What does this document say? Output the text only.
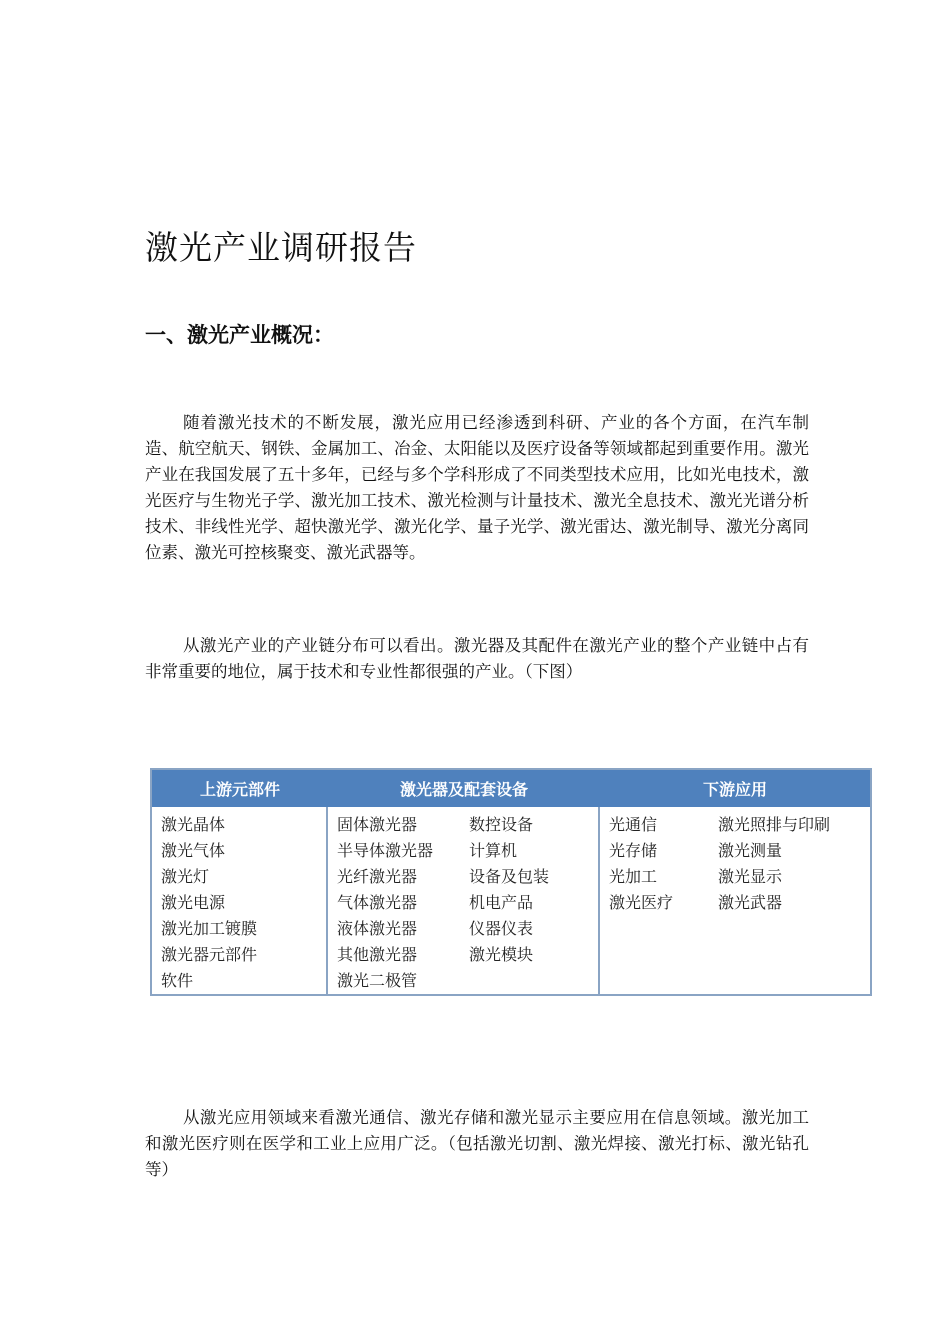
激光产业调研报告
一、激光产业概况：

随着激光技术的不断发展，激光应用已经渗透到科研、产业的各个方面，在汽车制造、航空航天、钢铁、金属加工、冶金、太阳能以及医疗设备等领域都起到重要作用。激光产业在我国发展了五十多年，已经与多个学科形成了不同类型技术应用，比如光电技术，激光医疗与生物光子学、激光加工技术、激光检测与计量技术、激光全息技术、激光光谱分析技术、非线性光学、超快激光学、激光化学、量子光学、激光雷达、激光制导、激光分离同位素、激光可控核聚变、激光武器等。

从激光产业的产业链分布可以看出。激光器及其配件在激光产业的整个产业链中占有非常重要的地位，属于技术和专业性都很强的产业。（下图）

上游元部件	激光器及配套设备	下游应用
激光晶体
激光气体
激光灯
激光电源
激光加工镀膜
激光器元部件
软件
固体激光器
半导体激光器
光纤激光器
气体激光器
液体激光器
其他激光器
激光二极管
数控设备
计算机
设备及包装
机电产品
仪器仪表
激光模块
光通信
光存储
光加工
激光医疗
激光照排与印刷
激光测量
激光显示
激光武器

从激光应用领域来看激光通信、激光存储和激光显示主要应用在信息领域。激光加工和激光医疗则在医学和工业上应用广泛。（包括激光切割、激光焊接、激光打标、激光钻孔等）
